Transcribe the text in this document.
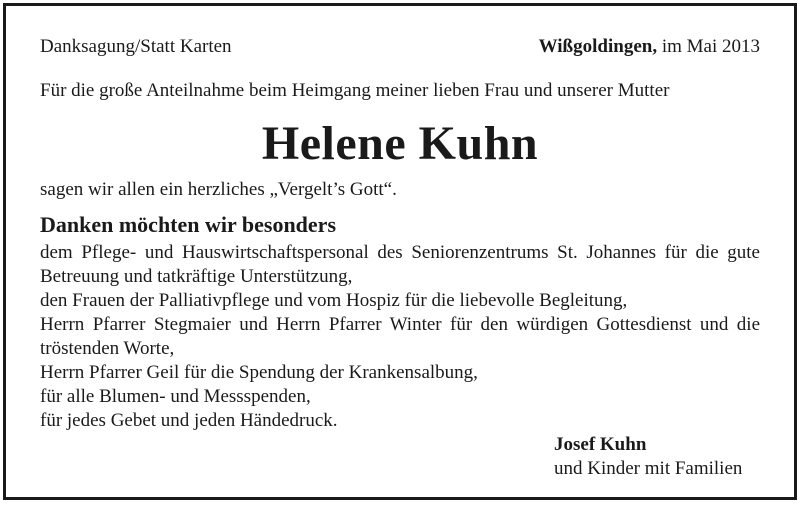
Danksagung/Statt Karten	Wißgoldingen, im Mai 2013
Für die große Anteilnahme beim Heimgang meiner lieben Frau und unserer Mutter
Helene Kuhn
sagen wir allen ein herzliches „Vergelt’s Gott“.
Danken möchten wir besonders
dem Pflege- und Hauswirtschaftspersonal des Seniorenzentrums St. Johannes für die gute Betreuung und tatkräftige Unterstützung,
den Frauen der Palliativpflege und vom Hospiz für die liebevolle Begleitung,
Herrn Pfarrer Stegmaier und Herrn Pfarrer Winter für den würdigen Gottesdienst und die tröstenden Worte,
Herrn Pfarrer Geil für die Spendung der Krankensalbung,
für alle Blumen- und Messspenden,
für jedes Gebet und jeden Händedruck.
Josef Kuhn
und Kinder mit Familien
